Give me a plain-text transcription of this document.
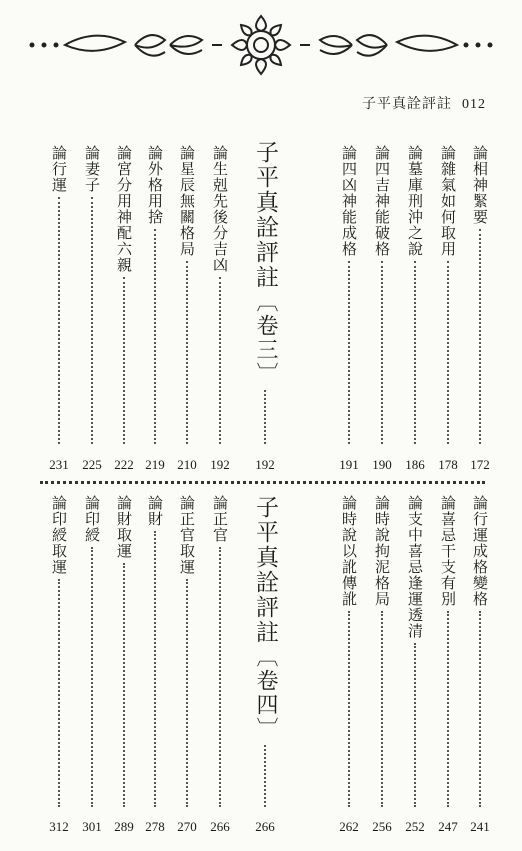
子平真詮評註 012
論相神緊要
172
論雜氣如何取用
178
論墓庫刑沖之說
186
論四吉神能破格
190
論四凶神能成格
191
子平真詮評註
︹卷三︺
192
論生剋先後分吉凶
192
論星辰無關格局
210
論外格用捨
219
論宮分用神配六親
222
論妻子
225
論行運
231
論行運成格變格
241
論喜忌干支有別
247
論支中喜忌逢運透清
252
論時說拘泥格局
256
論時說以訛傳訛
262
子平真詮評註
︹卷四︺
266
論正官
266
論正官取運
270
論財
278
論財取運
289
論印綬
301
論印綬取運
312
